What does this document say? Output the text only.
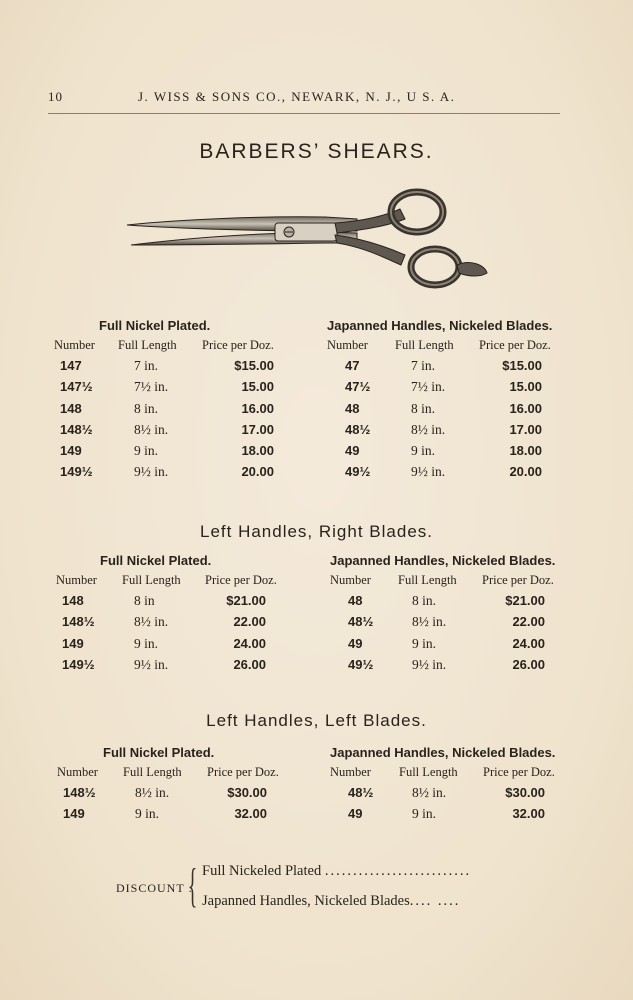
10	J. WISS & SONS CO., NEWARK, N. J., U S. A.
BARBERS’ SHEARS.
Full Nickel Plated.
Number Full Length Price per Doz.
147	7 in.	$15.00
147½	7½ in.	15.00
148	8 in.	16.00
148½	8½ in.	17.00
149	9 in.	18.00
149½	9½ in.	20.00
Japanned Handles, Nickeled Blades.
Number Full Length Price per Doz.
47	7 in.	$15.00
47½	7½ in.	15.00
48	8 in.	16.00
48½	8½ in.	17.00
49	9 in.	18.00
49½	9½ in.	20.00
Left Handles, Right Blades.
Full Nickel Plated.
Number Full Length Price per Doz.
148	8 in	$21.00
148½	8½ in.	22.00
149	9 in.	24.00
149½	9½ in.	26.00
Japanned Handles, Nickeled Blades.
Number Full Length Price per Doz.
48	8 in.	$21.00
48½	8½ in.	22.00
49	9 in.	24.00
49½	9½ in.	26.00
Left Handles, Left Blades.
Full Nickel Plated.
Number Full Length Price per Doz.
148½	8½ in.	$30.00
149	9 in.	32.00
Japanned Handles, Nickeled Blades.
Number Full Length Price per Doz.
48½	8½ in.	$30.00
49	9 in.	32.00
DISCOUNT :
{ Full Nickeled Plated ..........................
Japanned Handles, Nickeled Blades.... ....
